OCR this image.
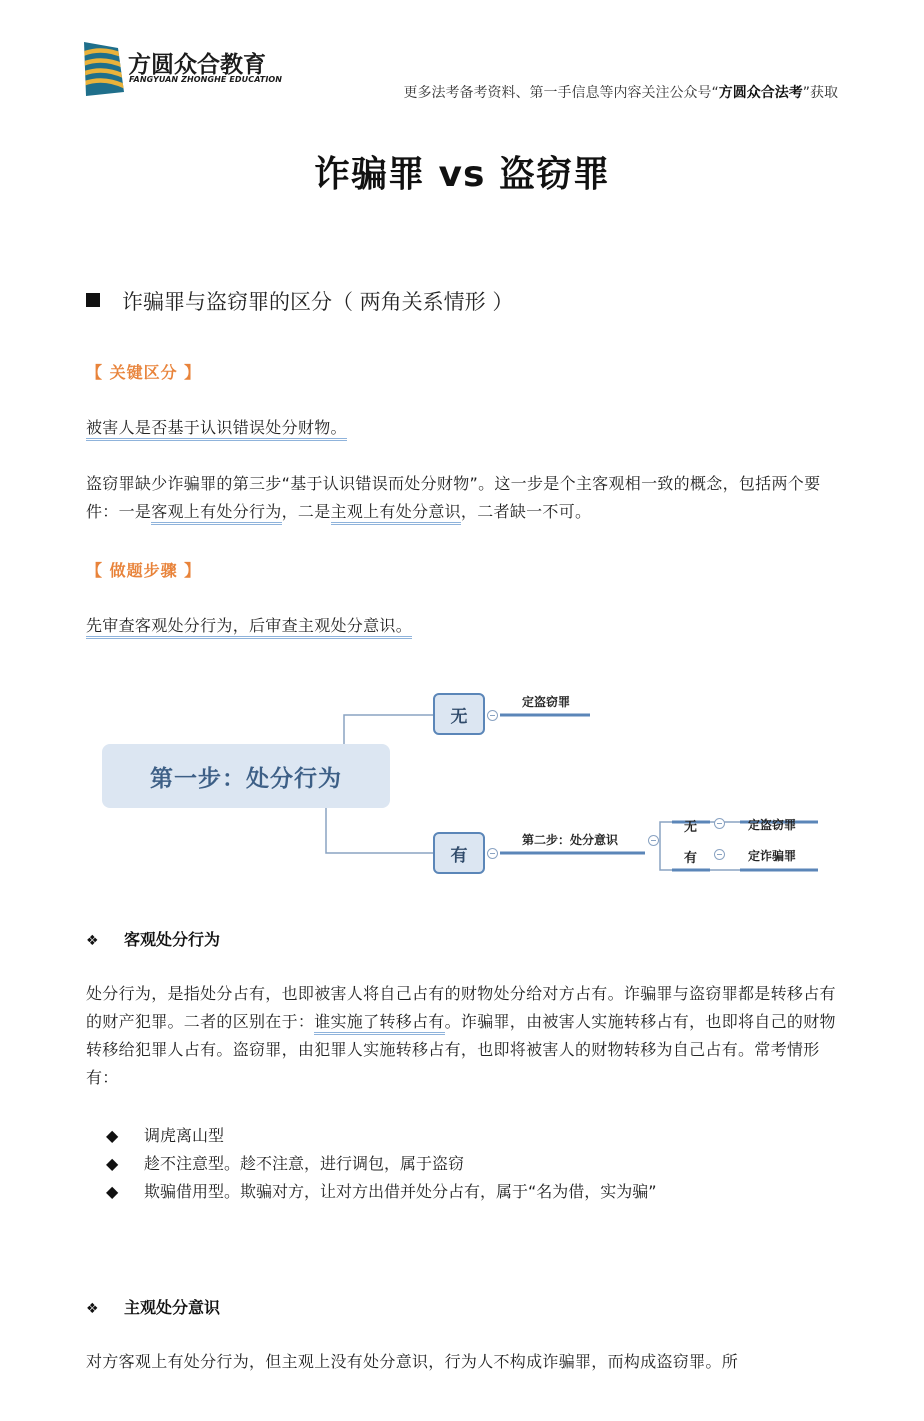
方圆众合教育
FANGYUAN ZHONGHE EDUCATION
更多法考备考资料、第一手信息等内容关注公众号“方圆众合法考”获取
诈骗罪 vs 盗窃罪
诈骗罪与盗窃罪的区分（ 两角关系情形 ）
【 关键区分 】
被害人是否基于认识错误处分财物。
盗窃罪缺少诈骗罪的第三步“基于认识错误而处分财物”。这一步是个主客观相一致的概念，包括两个要件：一是客观上有处分行为，二是主观上有处分意识，二者缺一不可。
【 做题步骤 】
先审查客观处分行为，后审查主观处分意识。
第一步：处分行为
无
定盗窃罪
有
第二步：处分意识
无	定盗窃罪
有	定诈骗罪
❖ 客观处分行为
处分行为，是指处分占有，也即被害人将自己占有的财物处分给对方占有。诈骗罪与盗窃罪都是转移占有的财产犯罪。二者的区别在于：谁实施了转移占有。诈骗罪，由被害人实施转移占有，也即将自己的财物转移给犯罪人占有。盗窃罪，由犯罪人实施转移占有，也即将被害人的财物转移为自己占有。常考情形有：
◆ 调虎离山型
◆ 趁不注意型。趁不注意，进行调包，属于盗窃
◆ 欺骗借用型。欺骗对方，让对方出借并处分占有，属于“名为借，实为骗”
❖ 主观处分意识
对方客观上有处分行为，但主观上没有处分意识，行为人不构成诈骗罪，而构成盗窃罪。所
